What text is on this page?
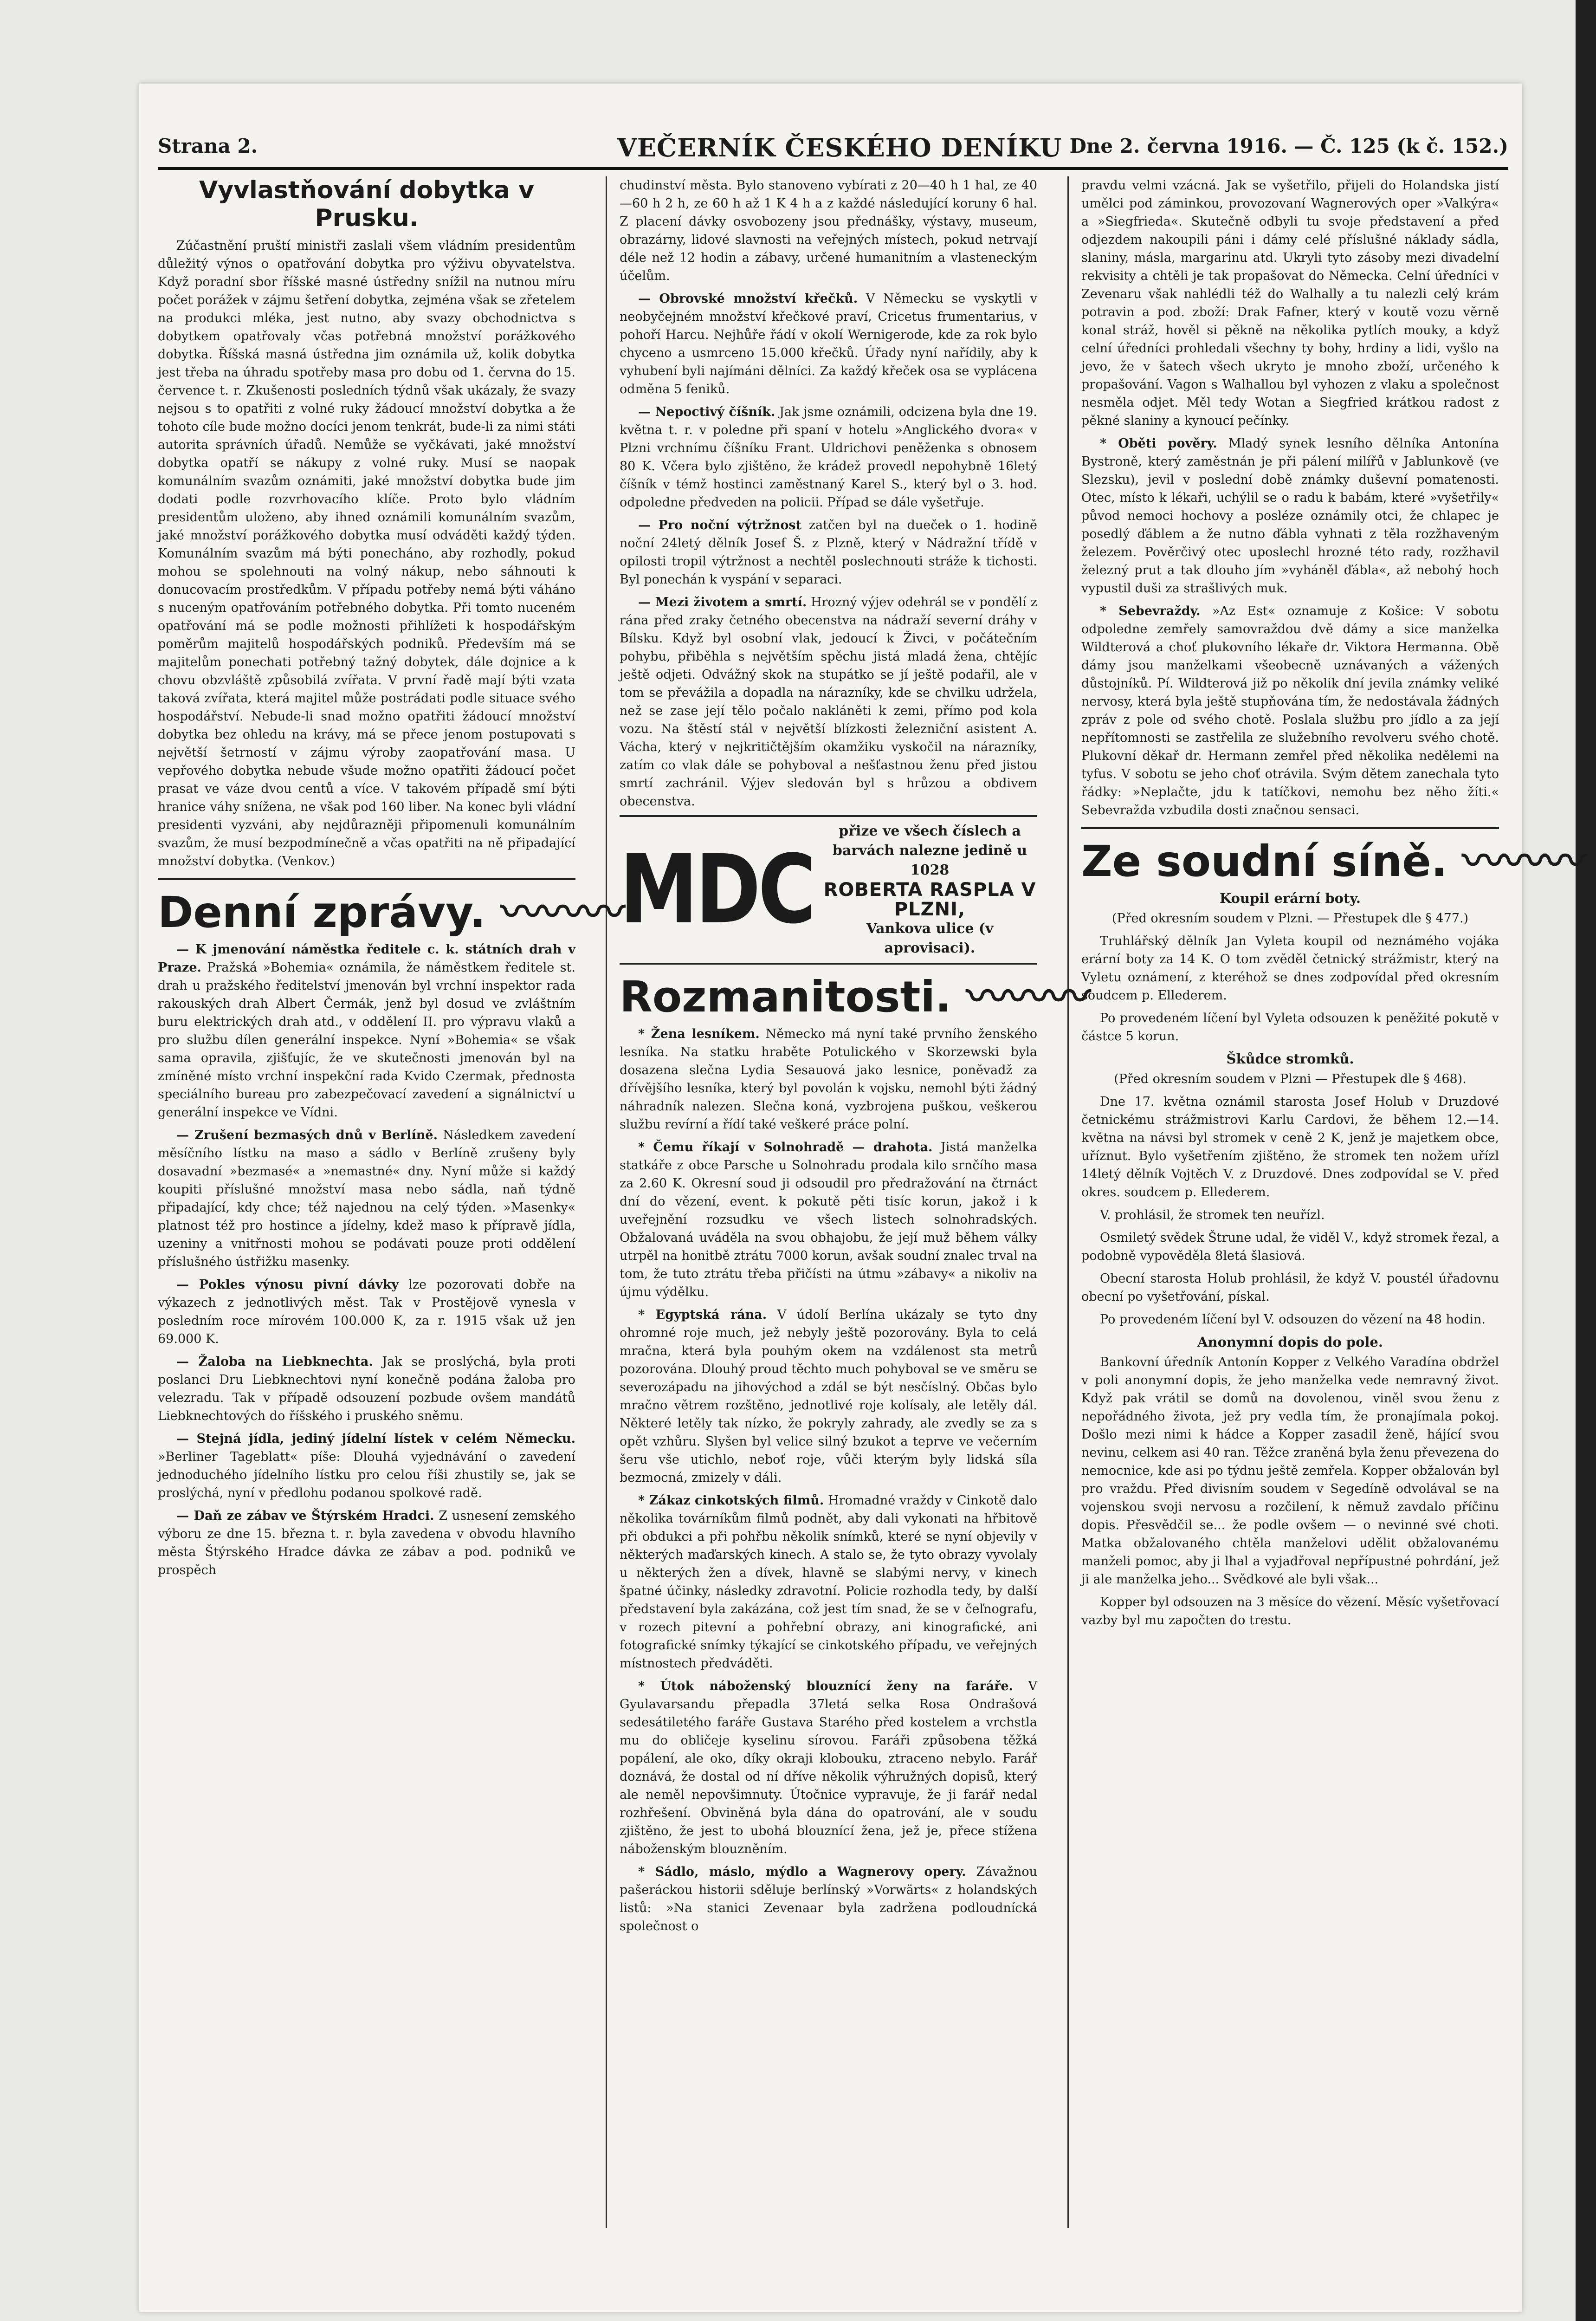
Strana 2.	VEČERNÍK ČESKÉHO DENÍKU Dne 2. června 1916. — Č. 125 (k č. 152.)
Vyvlastňování dobytka v Prusku.

Zúčastnění pruští ministři zaslali všem vládním presidentům důležitý výnos o opatřování dobytka pro výživu obyvatelstva. Když poradní sbor říšské masné ústředny snížil na nutnou míru počet porážek v zájmu šetření dobytka, zejména však se zřetelem na produkci mléka, jest nutno, aby svazy obchodnictva s dobytkem opatřovaly včas potřebná množství porážkového dobytka. Říšská masná ústředna jim oznámila už, kolik dobytka jest třeba na úhradu spotřeby masa pro dobu od 1. června do 15. července t. r. Zkušenosti posledních týdnů však ukázaly, že svazy nejsou s to opatřiti z volné ruky žádoucí množství dobytka a že tohoto cíle bude možno docíci jenom tenkrát, bude-li za nimi státi autorita správních úřadů. Nemůže se vyčkávati, jaké množství dobytka opatří se nákupy z volné ruky. Musí se naopak komunálním svazům oznámiti, jaké množství dobytka bude jim dodati podle rozvrhovacího klíče. Proto bylo vládním presidentům uloženo, aby ihned oznámili komunálním svazům, jaké množství porážkového dobytka musí odváděti každý týden. Komunálním svazům má býti ponecháno, aby rozhodly, pokud mohou se spolehnouti na volný nákup, nebo sáhnouti k donucovacím prostředkům. V případu potřeby nemá býti váháno s nuceným opatřováním potřebného dobytka. Při tomto nuceném opatřování má se podle možnosti přihlížeti k hospodářským poměrům majitelů hospodářských podniků. Především má se majitelům ponechati potřebný tažný dobytek, dále dojnice a k chovu obzvláště způsobilá zvířata. V první řadě mají býti vzata taková zvířata, která majitel může postrádati podle situace svého hospodářství. Nebude-li snad možno opatřiti žádoucí množství dobytka bez ohledu na krávy, má se přece jenom postupovati s největší šetrností v zájmu výroby zaopatřování masa. U vepřového dobytka nebude všude možno opatřiti žádoucí počet prasat ve váze dvou centů a více. V takovém případě smí býti hranice váhy snížena, ne však pod 160 liber. Na konec byli vládní presidenti vyzváni, aby nejdůrazněji připomenuli komunálním svazům, že musí bezpodmínečně a včas opatřiti na ně připadající množství dobytka. (Venkov.)

Denní zprávy. 〰〰〰

— K jmenování náměstka ředitele c. k. státních drah v Praze. Pražská »Bohemia« oznámila, že náměstkem ředitele st. drah u pražského ředitelství jmenován byl vrchní inspektor rada rakouských drah Albert Čermák, jenž byl dosud ve zvláštním buru elektrických drah atd., v oddělení II. pro výpravu vlaků a pro službu dílen generální inspekce. Nyní »Bohemia« se však sama opravila, zjišťujíc, že ve skutečnosti jmenován byl na zmíněné místo vrchní inspekční rada Kvido Czermak, přednosta speciálního bureau pro zabezpečovací zavedení a signálnictví u generální inspekce ve Vídni.

— Zrušení bezmasých dnů v Berlíně. Následkem zavedení měsíčního lístku na maso a sádlo v Berlíně zrušeny byly dosavadní »bezmasé« a »nemastné« dny. Nyní může si každý koupiti příslušné množství masa nebo sádla, naň týdně připadající, kdy chce; též najednou na celý týden. »Masenky« platnost též pro hostince a jídelny, kdež maso k přípravě jídla, uzeniny a vnitřnosti mohou se podávati pouze proti oddělení příslušného ústřižku masenky.

— Pokles výnosu pivní dávky lze pozorovati dobře na výkazech z jednotlivých měst. Tak v Prostějově vynesla v posledním roce mírovém 100.000 K, za r. 1915 však už jen 69.000 K.

— Žaloba na Liebknechta. Jak se proslýchá, byla proti poslanci Dru Liebknechtovi nyní konečně podána žaloba pro velezradu. Tak v případě odsouzení pozbude ovšem mandátů Liebknechtových do říšského i pruského sněmu.

— Stejná jídla, jediný jídelní lístek v celém Německu. »Berliner Tageblatt« píše: Dlouhá vyjednávání o zavedení jednoduchého jídelního lístku pro celou říši zhustily se, jak se proslýchá, nyní v předlohu podanou spolkové radě.

— Daň ze zábav ve Štýrském Hradci. Z usnesení zemského výboru ze dne 15. března t. r. byla zavedena v obvodu hlavního města Štýrského Hradce dávka ze zábav a pod. podniků ve prospěch

chudinství města. Bylo stanoveno vybírati z 20—40 h 1 hal, ze 40—60 h 2 h, ze 60 h až 1 K 4 h a z každé následující koruny 6 hal. Z placení dávky osvobozeny jsou přednášky, výstavy, museum, obrazárny, lidové slavnosti na veřejných místech, pokud netrvají déle než 12 hodin a zábavy, určené humanitním a vlasteneckým účelům.

— Obrovské množství křečků. V Německu se vyskytli v neobyčejném množství křečkové praví, Cricetus frumentarius, v pohoří Harcu. Nejhůře řádí v okolí Wernigerode, kde za rok bylo chyceno a usmrceno 15.000 křečků. Úřady nyní nařídily, aby k vyhubení byli najímáni dělníci. Za každý křeček osa se vyplácena odměna 5 feniků.

— Nepoctivý číšník. Jak jsme oznámili, odcizena byla dne 19. května t. r. v poledne při spaní v hotelu »Anglického dvora« v Plzni vrchnímu číšníku Frant. Uldrichovi peněženka s obnosem 80 K. Včera bylo zjištěno, že krádež provedl nepohybně 16letý číšník v témž hostinci zaměstnaný Karel S., který byl o 3. hod. odpoledne předveden na policii. Případ se dále vyšetřuje.

— Pro noční výtržnost zatčen byl na dueček o 1. hodině noční 24letý dělník Josef Š. z Plzně, který v Nádražní třídě v opilosti tropil výtržnost a nechtěl poslechnouti stráže k tichosti. Byl ponechán k vyspání v separaci.

— Mezi životem a smrtí. Hrozný výjev odehrál se v pondělí z rána před zraky četného obecenstva na nádraží severní dráhy v Bílsku. Když byl osobní vlak, jedoucí k Živci, v počátečním pohybu, přiběhla s největším spěchu jistá mladá žena, chtějíc ještě odjeti. Odvážný skok na stupátko se jí ještě podařil, ale v tom se převážila a dopadla na nárazníky, kde se chvilku udržela, než se zase její tělo počalo nakláněti k zemi, přímo pod kola vozu. Na štěstí stál v největší blízkosti železniční asistent A. Vácha, který v nejkritičtějším okamžiku vyskočil na nárazníky, zatím co vlak dále se pohyboval a nešťastnou ženu před jistou smrtí zachránil. Výjev sledován byl s hrůzou a obdivem obecenstva.

MDC
přize ve všech číslech a barvách nalezne jedině u 1028
ROBERTA RASPLA V PLZNI,
Vankova ulice (v aprovisaci).
Rozmanitosti. 〰〰〰

* Žena lesníkem. Německo má nyní také prvního ženského lesníka. Na statku hraběte Potulického v Skorzewski byla dosazena slečna Lydia Sesauová jako lesnice, poněvadž za dřívějšího lesníka, který byl povolán k vojsku, nemohl býti žádný náhradník nalezen. Slečna koná, vyzbrojena puškou, veškerou službu revírní a řídí také veškeré práce polní.

* Čemu říkají v Solnohradě — drahota. Jistá manželka statkáře z obce Parsche u Solnohradu prodala kilo srnčího masa za 2.60 K. Okresní soud ji odsoudil pro předražování na čtrnáct dní do vězení, event. k pokutě pěti tisíc korun, jakož i k uveřejnění rozsudku ve všech listech solnohradských. Obžalovaná uváděla na svou obhajobu, že její muž během války utrpěl na honitbě ztrátu 7000 korun, avšak soudní znalec trval na tom, že tuto ztrátu třeba přičísti na útmu »zábavy« a nikoliv na újmu výdělku.

* Egyptská rána. V údolí Berlína ukázaly se tyto dny ohromné roje much, jež nebyly ještě pozorovány. Byla to celá mračna, která byla pouhým okem na vzdálenost sta metrů pozorována. Dlouhý proud těchto much pohyboval se ve směru se severozápadu na jihovýchod a zdál se být nesčíslný. Občas bylo mračno větrem rozštěno, jednotlivé roje kolísaly, ale letěly dál. Některé letěly tak nízko, že pokryly zahrady, ale zvedly se za s opět vzhůru. Slyšen byl velice silný bzukot a teprve ve večerním šeru vše utichlo, neboť roje, vůči kterým byly lidská síla bezmocná, zmizely v dáli.

* Zákaz cinkotských filmů. Hromadné vraždy v Cinkotě dalo několika továrníkům filmů podnět, aby dali vykonati na hřbitově při obdukci a při pohřbu několik snímků, které se nyní objevily v některých maďarských kinech. A stalo se, že tyto obrazy vyvolaly u některých žen a dívek, hlavně se slabými nervy, v kinech špatné účinky, následky zdravotní. Policie rozhodla tedy, by další představení byla zakázána, což jest tím snad, že se v čeľnografu, v rozech pitevní a pohřební obrazy, ani kinografické, ani fotografické snímky týkající se cinkotského případu, ve veřejných místnostech předváděti.

* Útok náboženský blouznící ženy na faráře. V Gyulavarsandu přepadla 37letá selka Rosa Ondrašová sedesátiletého faráře Gustava Starého před kostelem a vrchstla mu do obličeje kyselinu sírovou. Faráři způsobena těžká popálení, ale oko, díky okraji klobouku, ztraceno nebylo. Farář doznává, že dostal od ní dříve několik výhružných dopisů, který ale neměl nepovšimnuty. Útočnice vypravuje, že ji farář nedal rozhřešení. Obviněná byla dána do opatrování, ale v soudu zjištěno, že jest to ubohá blouznící žena, jež je, přece stížena náboženským blouzněním.

* Sádlo, máslo, mýdlo a Wagnerovy opery. Závažnou pašeráckou historii sděluje berlínský »Vorwärts« z holandských listů: »Na stanici Zevenaar byla zadržena podloudnícká společnost o

pravdu velmi vzácná. Jak se vyšetřilo, přijeli do Holandska jistí umělci pod záminkou, provozovaní Wagnerových oper »Valkýra« a »Siegfrieda«. Skutečně odbyli tu svoje představení a před odjezdem nakoupili páni i dámy celé příslušné náklady sádla, slaniny, másla, margarinu atd. Ukryli tyto zásoby mezi divadelní rekvisity a chtěli je tak propašovat do Německa. Celní úředníci v Zevenaru však nahlédli též do Walhally a tu nalezli celý krám potravin a pod. zboží: Drak Fafner, který v koutě vozu věrně konal stráž, hověl si pěkně na několika pytlích mouky, a když celní úředníci prohledali všechny ty bohy, hrdiny a lidi, vyšlo na jevo, že v šatech všech ukryto je mnoho zboží, určeného k propašování. Vagon s Walhallou byl vyhozen z vlaku a společnost nesměla odjet. Měl tedy Wotan a Siegfried krátkou radost z pěkné slaniny a kynoucí pečínky.

* Oběti pověry. Mladý synek lesního dělníka Antonína Bystroně, který zaměstnán je při pálení milířů v Jablunkově (ve Slezsku), jevil v poslední době známky duševní pomatenosti. Otec, místo k lékaři, uchýlil se o radu k babám, které »vyšetřily« původ nemoci hochovy a posléze oznámily otci, že chlapec je posedlý ďáblem a že nutno ďábla vyhnati z těla rozžhaveným železem. Pověrčivý otec uposlechl hrozné této rady, rozžhavil železný prut a tak dlouho jím »vyháněl ďábla«, až nebohý hoch vypustil duši za strašlivých muk.

* Sebevraždy. »Az Est« oznamuje z Košice: V sobotu odpoledne zemřely samovraždou dvě dámy a sice manželka Wildterová a choť plukovního lékaře dr. Viktora Hermanna. Obě dámy jsou manželkami všeobecně uznávaných a vážených důstojníků. Pí. Wildterová již po několik dní jevila známky veliké nervosy, která byla ještě stupňována tím, že nedostávala žádných zpráv z pole od svého chotě. Poslala službu pro jídlo a za její nepřítomnosti se zastřelila ze služebního revolveru svého chotě. Plukovní děkař dr. Hermann zemřel před několika nedělemi na tyfus. V sobotu se jeho choť otrávila. Svým dětem zanechala tyto řádky: »Neplačte, jdu k tatíčkovi, nemohu bez něho žíti.« Sebevražda vzbudila dosti značnou sensaci.

Ze soudní síně. 〰〰〰
Koupil erární boty.

(Před okresním soudem v Plzni. — Přestupek dle § 477.)

Truhlářský dělník Jan Vyleta koupil od neznámého vojáka erární boty za 14 K. O tom zvěděl četnický strážmistr, který na Vyletu oznámení, z kteréhož se dnes zodpovídal před okresním soudcem p. Ellederem.

Po provedeném líčení byl Vyleta odsouzen k peněžité pokutě v částce 5 korun.

Škůdce stromků.

(Před okresním soudem v Plzni — Přestupek dle § 468).

Dne 17. května oznámil starosta Josef Holub v Druzdové četnickému strážmistrovi Karlu Cardovi, že během 12.—14. května na návsi byl stromek v ceně 2 K, jenž je majetkem obce, uříznut. Bylo vyšetřením zjištěno, že stromek ten nožem uřízl 14letý dělník Vojtěch V. z Druzdové. Dnes zodpovídal se V. před okres. soudcem p. Ellederem.

V. prohlásil, že stromek ten neuřízl.

Osmiletý svědek Štrune udal, že viděl V., když stromek řezal, a podobně vypověděla 8letá šlasiová.

Obecní starosta Holub prohlásil, že když V. poustél úřadovnu obecní po vyšetřování, pískal.

Po provedeném líčení byl V. odsouzen do vězení na 48 hodin.

Anonymní dopis do pole.

Bankovní úředník Antonín Kopper z Velkého Varadína obdržel v poli anonymní dopis, že jeho manželka vede nemravný život. Když pak vrátil se domů na dovolenou, viněl svou ženu z nepořádného života, jež pry vedla tím, že pronajímala pokoj. Došlo mezi nimi k hádce a Kopper zasadil ženě, hájící svou nevinu, celkem asi 40 ran. Těžce zraněná byla ženu převezena do nemocnice, kde asi po týdnu ještě zemřela. Kopper obžalován byl pro vraždu. Před divisním soudem v Segedíně odvolával se na vojenskou svoji nervosu a rozčilení, k němuž zavdalo příčinu dopis. Přesvědčil se... že podle ovšem — o nevinné své choti. Matka obžalovaného chtěla manželovi udělit obžalovanému manželi pomoc, aby ji lhal a vyjadřoval nepřípustné pohrdání, jež ji ale manželka jeho... Svědkové ale byli však...

Kopper byl odsouzen na 3 měsíce do vězení. Měsíc vyšetřovací vazby byl mu započten do trestu.
